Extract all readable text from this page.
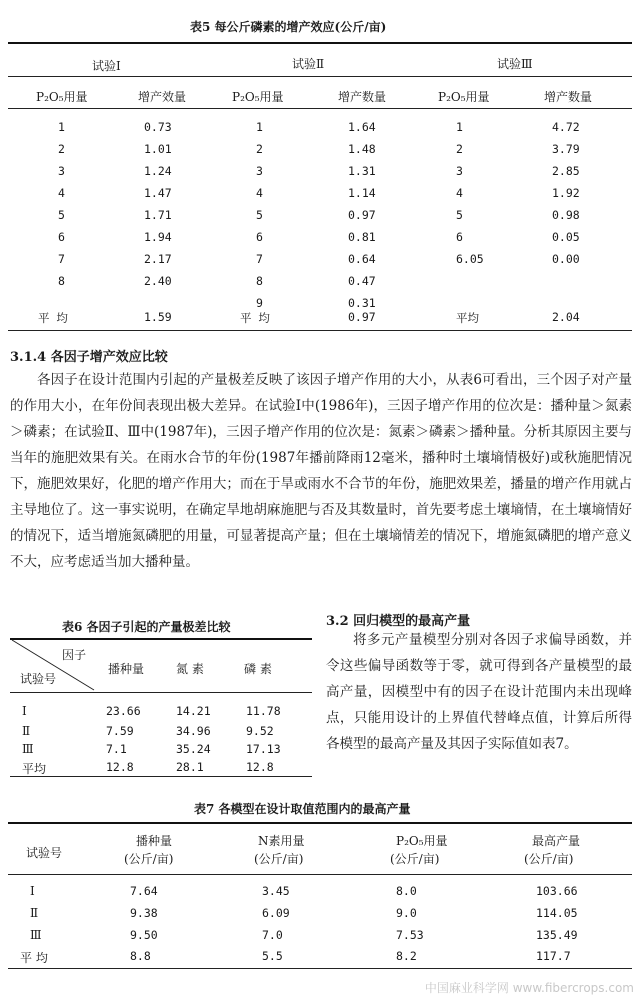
表5 每公斤磷素的增产效应(公斤/亩)
试验Ⅰ	试验Ⅱ	试验Ⅲ
P₂O₅用量	增产效量	P₂O₅用量	增产数量	P₂O₅用量	增产数量
1	0.73	1	1.64	1	4.72
2	1.01	2	1.48	2	3.79
3	1.24	3	1.31	3	2.85
4	1.47	4	1.14	4	1.92
5	1.71	5	0.97	5	0.98
6	1.94	6	0.81	6	0.05
7	2.17	7	0.64	6.05	0.00
8	2.40	8	0.47
9	0.31
平 均	1.59	平 均	0.97	平均	2.04
3.1.4 各因子增产效应比较
各因子在设计范围内引起的产量极差反映了该因子增产作用的大小，从表6可看出，三个因子对产量的作用大小，在年份间表现出极大差异。在试验Ⅰ中(1986年)，三因子增产作用的位次是：播种量＞氮素＞磷素；在试验Ⅱ、Ⅲ中(1987年)，三因子增产作用的位次是：氮素＞磷素＞播种量。分析其原因主要与当年的施肥效果有关。在雨水合节的年份(1987年播前降雨12毫米，播种时土壤墒情极好)或秋施肥情况下，施肥效果好，化肥的增产作用大；而在于旱或雨水不合节的年份，施肥效果差，播量的增产作用就占主导地位了。这一事实说明，在确定旱地胡麻施肥与否及其数量时，首先要考虑土壤墒情，在土壤墒情好的情况下，适当增施氮磷肥的用量，可显著提高产量；但在土壤墒情差的情况下，增施氮磷肥的增产意义不大，应考虑适当加大播种量。
表6 各因子引起的产量极差比较
因子
试验号
播种量	氮 素	磷 素
Ⅰ	23.66	14.21	11.78
Ⅱ	7.59	34.96	9.52
Ⅲ	7.1	35.24	17.13
平均	12.8	28.1	12.8
3.2 回归模型的最高产量
将多元产量模型分别对各因子求偏导函数，并令这些偏导函数等于零，就可得到各产量模型的最高产量，因模型中有的因子在设计范围内未出现峰点，只能用设计的上界值代替峰点值，计算后所得各模型的最高产量及其因子实际值如表7。
表7 各模型在设计取值范围内的最高产量
试验号
播种量
(公斤/亩)
N素用量
(公斤/亩)
P₂O₅用量
(公斤/亩)
最高产量
(公斤/亩)
Ⅰ	7.64	3.45	8.0	103.66
Ⅱ	9.38	6.09	9.0	114.05
Ⅲ	9.50	7.0	7.53	135.49
平 均	8.8	5.5	8.2	117.7
中国麻业科学网 www.fibercrops.com
